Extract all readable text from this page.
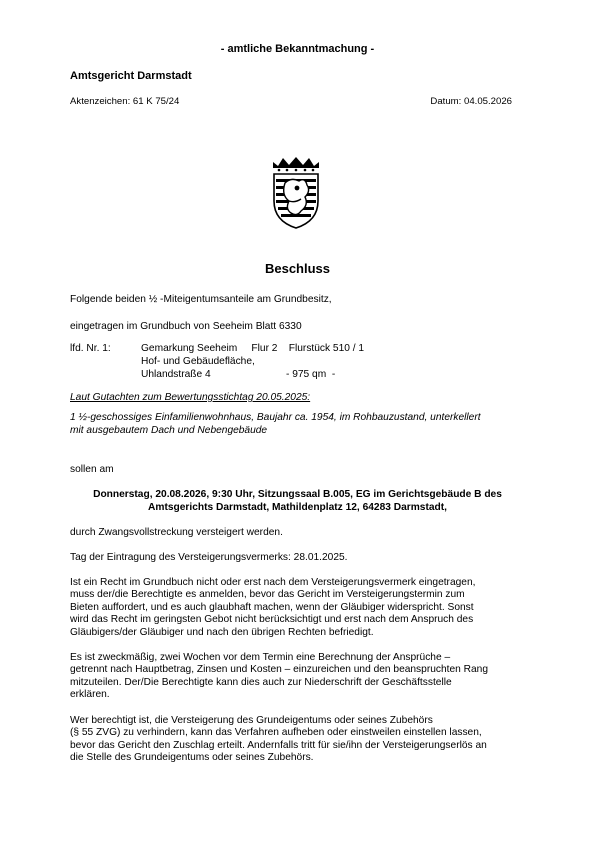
- amtliche Bekanntmachung -
Amtsgericht Darmstadt
Aktenzeichen: 61 K 75/24	Datum: 04.05.2026
Beschluss
Folgende beiden ½ -Miteigentumsanteile am Grundbesitz,
eingetragen im Grundbuch von Seeheim Blatt 6330
lfd. Nr. 1:	Gemarkung Seeheim     Flur 2    Flurstück 510 / 1
Hof- und Gebäudefläche,
Uhlandstraße 4	- 975 qm  -
Laut Gutachten zum Bewertungsstichtag 20.05.2025:
1 ½-geschossiges Einfamilienwohnhaus, Baujahr ca. 1954, im Rohbauzustand, unterkellert
mit ausgebautem Dach und Nebengebäude
sollen am
Donnerstag, 20.08.2026, 9:30 Uhr, Sitzungssaal B.005, EG im Gerichtsgebäude B des
Amtsgerichts Darmstadt, Mathildenplatz 12, 64283 Darmstadt,
durch Zwangsvollstreckung versteigert werden.
Tag der Eintragung des Versteigerungsvermerks: 28.01.2025.
Ist ein Recht im Grundbuch nicht oder erst nach dem Versteigerungsvermerk eingetragen,
muss der/die Berechtigte es anmelden, bevor das Gericht im Versteigerungstermin zum
Bieten auffordert, und es auch glaubhaft machen, wenn der Gläubiger widerspricht. Sonst
wird das Recht im geringsten Gebot nicht berücksichtigt und erst nach dem Anspruch des
Gläubigers/der Gläubiger und nach den übrigen Rechten befriedigt.
Es ist zweckmäßig, zwei Wochen vor dem Termin eine Berechnung der Ansprüche –
getrennt nach Hauptbetrag, Zinsen und Kosten – einzureichen und den beanspruchten Rang
mitzuteilen. Der/Die Berechtigte kann dies auch zur Niederschrift der Geschäftsstelle
erklären.
Wer berechtigt ist, die Versteigerung des Grundeigentums oder seines Zubehörs
(§ 55 ZVG) zu verhindern, kann das Verfahren aufheben oder einstweilen einstellen lassen,
bevor das Gericht den Zuschlag erteilt. Andernfalls tritt für sie/ihn der Versteigerungserlös an
die Stelle des Grundeigentums oder seines Zubehörs.
